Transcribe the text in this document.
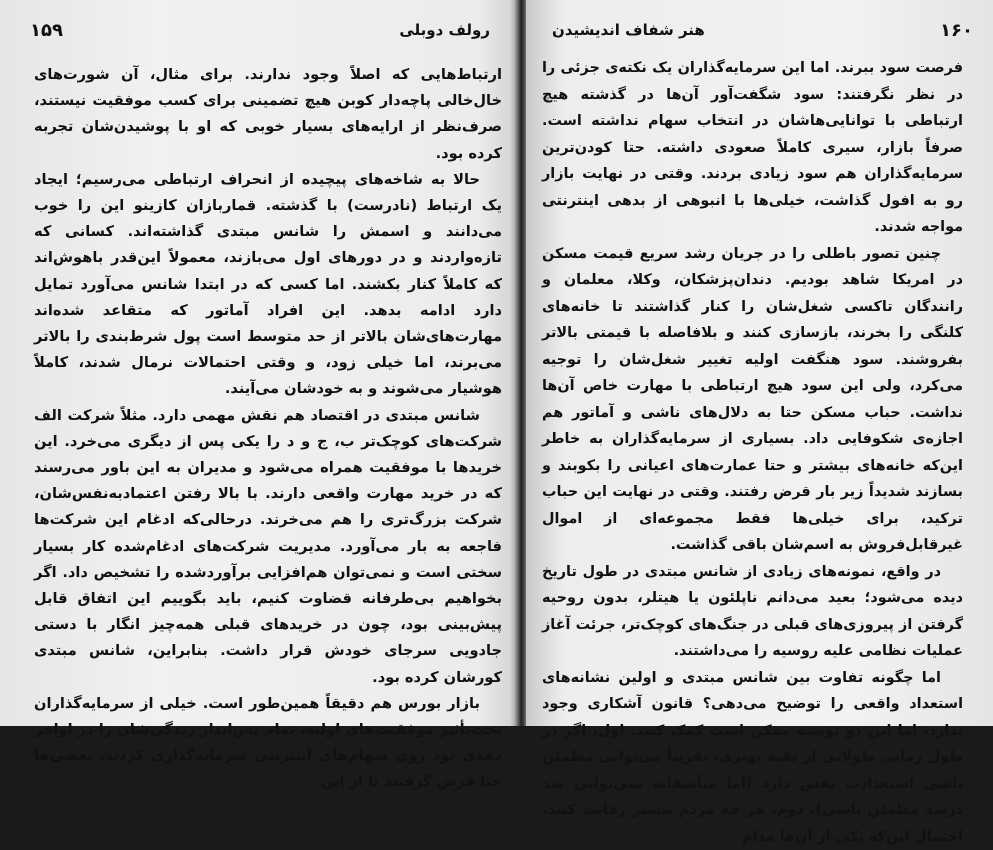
۱۵۹	رولف دوبلی

ارتباط‌هایی که اصلاً وجود ندارند. برای مثال، آن شورت‌های خال‌خالی پاچه‌دار کوبن هیچ تضمینی برای کسب موفقیت نیستند، صرف‌نظر از ارایه‌های بسیار خوبی که او با پوشیدن‌شان تجربه کرده بود.

حالا به شاخه‌های پیچیده از انحراف ارتباطی می‌رسیم؛ ایجاد یک ارتباط (نادرست) با گذشته. قماربازان کازینو این را خوب می‌دانند و اسمش را شانس مبتدی گذاشته‌اند. کسانی که تازه‌واردند و در دورهای اول می‌بازند، معمولاً این‌قدر باهوش‌اند که کاملاً کنار بکشند. اما کسی که در ابتدا شانس می‌آورد تمایل دارد ادامه بدهد. این افراد آماتور که متقاعد شده‌اند مهارت‌های‌شان بالاتر از حد متوسط است پول شرط‌بندی را بالاتر می‌برند، اما خیلی زود، و وقتی احتمالات نرمال شدند، کاملاً هوشیار می‌شوند و به خودشان می‌آیند.

شانس مبتدی در اقتصاد هم نقش مهمی دارد. مثلاً شرکت الف شرکت‌های کوچک‌تر ب، ج و د را یکی پس از دیگری می‌خرد. این خریدها با موفقیت همراه می‌شود و مدیران به این باور می‌رسند که در خرید مهارت واقعی دارند. با بالا رفتن اعتمادبه‌نفس‌شان، شرکت بزرگ‌تری را هم می‌خرند. درحالی‌که ادغام این شرکت‌ها فاجعه به بار می‌آورد. مدیریت شرکت‌های ادغام‌شده کار بسیار سختی است و نمی‌توان هم‌افزایی برآوردشده را تشخیص داد. اگر بخواهیم بی‌طرفانه قضاوت کنیم، باید بگوییم این اتفاق قابل پیش‌بینی بود، چون در خریدهای قبلی همه‌چیز انگار با دستی جادویی سرجای خودش قرار داشت. بنابراین، شانس مبتدی کورشان کرده بود.

بازار بورس هم دقیقاً همین‌طور است. خیلی از سرمایه‌گذاران تحت‌تأثیر موفقیت‌های اولیه، تمام پس‌انداز زندگی‌شان را در اواخر دهه‌ی نود روی سهام‌های اینترنتی سرمایه‌گذاری کردند. بعضی‌ها حتا قرض گرفتند تا از این

هنر شفاف اندیشیدن	۱۶۰

فرصت سود ببرند. اما این سرمایه‌گذاران یک نکته‌ی جزئی را در نظر نگرفتند: سود شگفت‌آور آن‌ها در گذشته هیچ ارتباطی با توانایی‌هاشان در انتخاب سهام نداشته است. صرفاً بازار، سیری کاملاً صعودی داشته. حتا کودن‌ترین سرمایه‌گذاران هم سود زیادی بردند. وقتی در نهایت بازار رو به افول گذاشت، خیلی‌ها با انبوهی از بدهی اینترنتی مواجه شدند.

چنین تصور باطلی را در جریان رشد سریع قیمت مسکن در امریکا شاهد بودیم. دندان‌پزشکان، وکلا، معلمان و رانندگان تاکسی شغل‌شان را کنار گذاشتند تا خانه‌های کلنگی را بخرند، بازسازی کنند و بلافاصله با قیمتی بالاتر بفروشند. سود هنگفت اولیه تغییر شغل‌شان را توجیه می‌کرد، ولی این سود هیچ ارتباطی با مهارت خاص آن‌ها نداشت. حباب مسکن حتا به دلال‌های ناشی و آماتور هم اجازه‌ی شکوفایی داد. بسیاری از سرمایه‌گذاران به خاطر این‌که خانه‌های بیشتر و حتا عمارت‌های اعیانی را بکوبند و بسازند شدیداً زیر بار قرض رفتند. وقتی در نهایت این حباب ترکید، برای خیلی‌ها فقط مجموعه‌ای از اموال غیرقابل‌فروش به اسم‌شان باقی گذاشت.

در واقع، نمونه‌های زیادی از شانس مبتدی در طول تاریخ دیده می‌شود؛ بعید می‌دانم ناپلئون یا هیتلر، بدون روحیه گرفتن از پیروزی‌های قبلی در جنگ‌های کوچک‌تر، جرئت آغاز عملیات نظامی علیه روسیه را می‌داشتند.

اما چگونه تفاوت بین شانس مبتدی و اولین نشانه‌های استعداد واقعی را توضیح می‌دهی؟ قانون آشکاری وجود ندارد، اما این دو توصیه ممکن است کمک کنند. اول، اگر در طول زمانی طولانی از بقیه بهتری، تقریباً می‌توانی مطمئن باشی استعدادت نقش دارد (اما متأسفانه نمی‌توانی صد درصد مطمئن باشی). دوم، هر چه مردم بیشتر رقابت کنند، احتمال این‌که یکی از آن‌ها مدام
